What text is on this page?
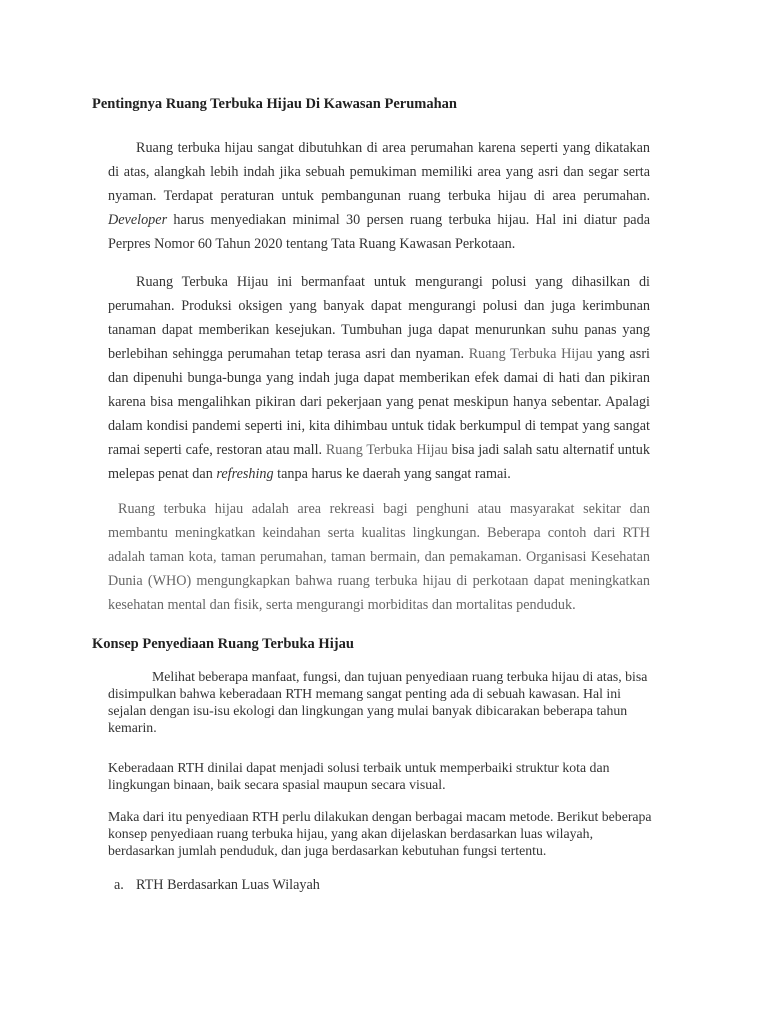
Pentingnya Ruang Terbuka Hijau Di Kawasan Perumahan

Ruang terbuka hijau sangat dibutuhkan di area perumahan karena seperti yang dikatakan di atas, alangkah lebih indah jika sebuah pemukiman memiliki area yang asri dan segar serta nyaman. Terdapat peraturan untuk pembangunan ruang terbuka hijau di area perumahan. Developer harus menyediakan minimal 30 persen ruang terbuka hijau. Hal ini diatur pada Perpres Nomor 60 Tahun 2020 tentang Tata Ruang Kawasan Perkotaan.

Ruang Terbuka Hijau ini bermanfaat untuk mengurangi polusi yang dihasilkan di perumahan. Produksi oksigen yang banyak dapat mengurangi polusi dan juga kerimbunan tanaman dapat memberikan kesejukan. Tumbuhan juga dapat menurunkan suhu panas yang berlebihan sehingga perumahan tetap terasa asri dan nyaman. Ruang Terbuka Hijau yang asri dan dipenuhi bunga-bunga yang indah juga dapat memberikan efek damai di hati dan pikiran karena bisa mengalihkan pikiran dari pekerjaan yang penat meskipun hanya sebentar. Apalagi dalam kondisi pandemi seperti ini, kita dihimbau untuk tidak berkumpul di tempat yang sangat ramai seperti cafe, restoran atau mall. Ruang Terbuka Hijau bisa jadi salah satu alternatif untuk melepas penat dan refreshing tanpa harus ke daerah yang sangat ramai.

Ruang terbuka hijau adalah area rekreasi bagi penghuni atau masyarakat sekitar dan membantu meningkatkan keindahan serta kualitas lingkungan. Beberapa contoh dari RTH adalah taman kota, taman perumahan, taman bermain, dan pemakaman. Organisasi Kesehatan Dunia (WHO) mengungkapkan bahwa ruang terbuka hijau di perkotaan dapat meningkatkan kesehatan mental dan fisik, serta mengurangi morbiditas dan mortalitas penduduk.

Konsep Penyediaan Ruang Terbuka Hijau

Melihat beberapa manfaat, fungsi, dan tujuan penyediaan ruang terbuka hijau di atas, bisa disimpulkan bahwa keberadaan RTH memang sangat penting ada di sebuah kawasan. Hal ini sejalan dengan isu-isu ekologi dan lingkungan yang mulai banyak dibicarakan beberapa tahun kemarin.

Keberadaan RTH dinilai dapat menjadi solusi terbaik untuk memperbaiki struktur kota dan lingkungan binaan, baik secara spasial maupun secara visual.

Maka dari itu penyediaan RTH perlu dilakukan dengan berbagai macam metode. Berikut beberapa konsep penyediaan ruang terbuka hijau, yang akan dijelaskan berdasarkan luas wilayah, berdasarkan jumlah penduduk, dan juga berdasarkan kebutuhan fungsi tertentu.

a. RTH Berdasarkan Luas Wilayah
